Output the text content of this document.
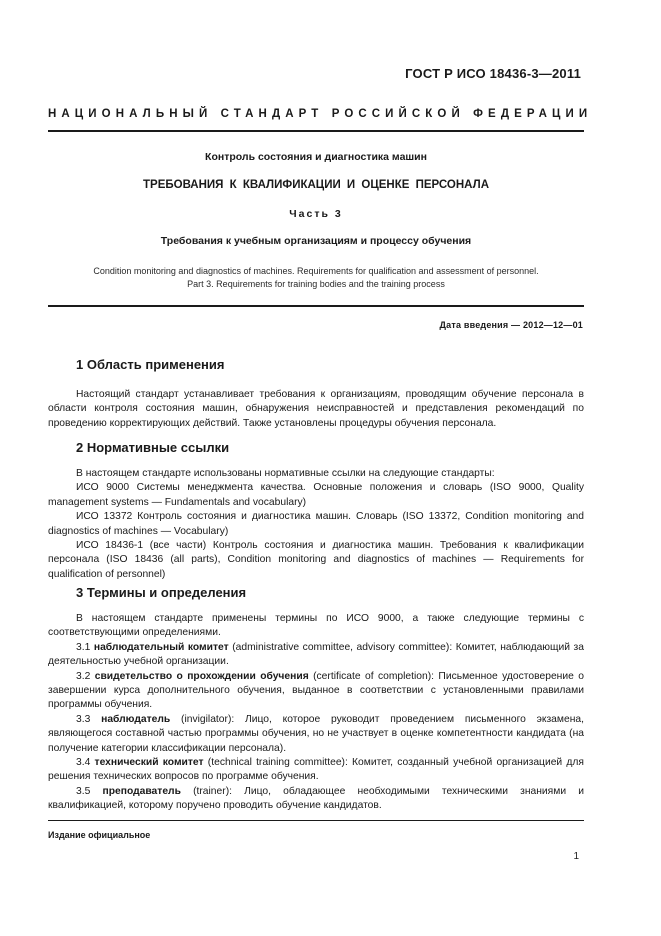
ГОСТ Р ИСО 18436-3—2011
НАЦИОНАЛЬНЫЙ СТАНДАРТ РОССИЙСКОЙ ФЕДЕРАЦИИ
Контроль состояния и диагностика машин
ТРЕБОВАНИЯ К КВАЛИФИКАЦИИ И ОЦЕНКЕ ПЕРСОНАЛА
Часть 3
Требования к учебным организациям и процессу обучения
Condition monitoring and diagnostics of machines. Requirements for qualification and assessment of personnel.
Part 3. Requirements for training bodies and the training process
Дата введения — 2012—12—01
1 Область применения

Настоящий стандарт устанавливает требования к организациям, проводящим обучение персонала в области контроля состояния машин, обнаружения неисправностей и представления рекомендаций по проведению корректирующих действий. Также установлены процедуры обучения персонала.

2 Нормативные ссылки

В настоящем стандарте использованы нормативные ссылки на следующие стандарты:

ИСО 9000 Системы менеджмента качества. Основные положения и словарь (ISO 9000, Quality management systems — Fundamentals and vocabulary)

ИСО 13372 Контроль состояния и диагностика машин. Словарь (ISO 13372, Condition monitoring and diagnostics of machines — Vocabulary)

ИСО 18436-1 (все части) Контроль состояния и диагностика машин. Требования к квалификации персонала (ISO 18436 (all parts), Condition monitoring and diagnostics of machines — Requirements for qualification of personnel)

3 Термины и определения

В настоящем стандарте применены термины по ИСО 9000, а также следующие термины с соответствующими определениями.

3.1 наблюдательный комитет (administrative committee, advisory committee): Комитет, наблюдающий за деятельностью учебной организации.

3.2 свидетельство о прохождении обучения (certificate of completion): Письменное удостоверение о завершении курса дополнительного обучения, выданное в соответствии с установленными правилами программы обучения.

3.3 наблюдатель (invigilator): Лицо, которое руководит проведением письменного экзамена, являющегося составной частью программы обучения, но не участвует в оценке компетентности кандидата (на получение категории классификации персонала).

3.4 технический комитет (technical training committee): Комитет, созданный учебной организацией для решения технических вопросов по программе обучения.

3.5 преподаватель (trainer): Лицо, обладающее необходимыми техническими знаниями и квалификацией, которому поручено проводить обучение кандидатов.

Издание официальное
1
